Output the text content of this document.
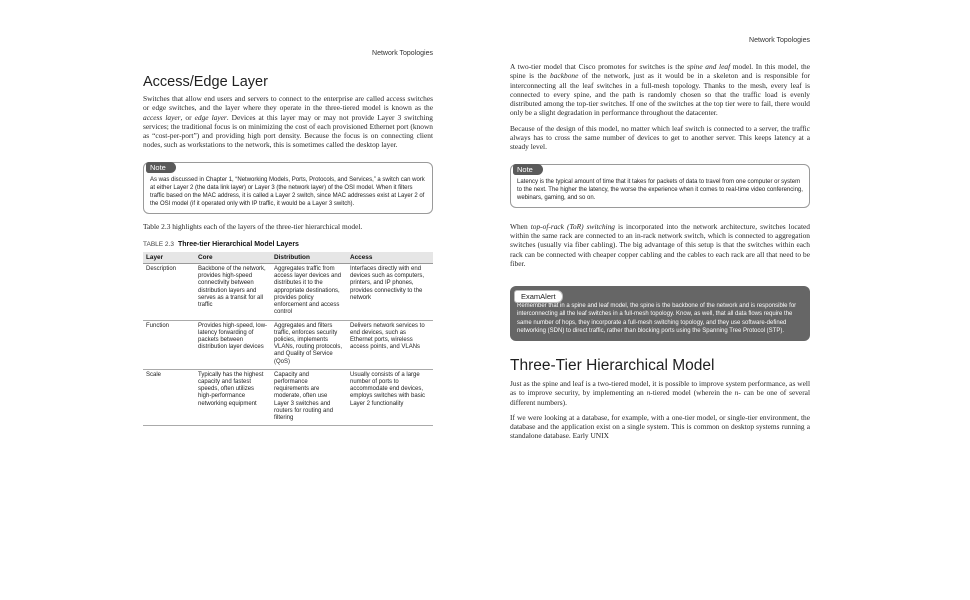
Network Topologies
Access/Edge Layer

Switches that allow end users and servers to connect to the enterprise are called access switches or edge switches, and the layer where they operate in the three-tiered model is known as the access layer, or edge layer. Devices at this layer may or may not provide Layer 3 switching services; the traditional focus is on minimizing the cost of each provisioned Ethernet port (known as “cost-per-port”) and providing high port density. Because the focus is on connecting client nodes, such as workstations to the network, this is sometimes called the desktop layer.

Note
As was discussed in Chapter 1, “Networking Models, Ports, Protocols, and Services,” a switch can work at either Layer 2 (the data link layer) or Layer 3 (the network layer) of the OSI model. When it filters traffic based on the MAC address, it is called a Layer 2 switch, since MAC addresses exist at Layer 2 of the OSI model (if it operated only with IP traffic, it would be a Layer 3 switch).

Table 2.3 highlights each of the layers of the three-tier hierarchical model.

TABLE 2.3 Three-tier Hierarchical Model Layers
Layer	Core	Distribution	Access
Description	Backbone of the network, provides high-speed connectivity between distribution layers and serves as a transit for all traffic	Aggregates traffic from access layer devices and distributes it to the appropriate destinations, provides policy enforcement and access control	Interfaces directly with end devices such as computers, printers, and IP phones, provides connectivity to the network
Function	Provides high-speed, low-latency forwarding of packets between distribution layer devices	Aggregates and filters traffic, enforces security policies, implements VLANs, routing protocols, and Quality of Service (QoS)	Delivers network services to end devices, such as Ethernet ports, wireless access points, and VLANs
Scale	Typically has the highest capacity and fastest speeds, often utilizes high-performance networking equipment	Capacity and performance requirements are moderate, often use Layer 3 switches and routers for routing and filtering	Usually consists of a large number of ports to accommodate end devices, employs switches with basic Layer 2 functionality
Network Topologies

A two-tier model that Cisco promotes for switches is the spine and leaf model. In this model, the spine is the backbone of the network, just as it would be in a skeleton and is responsible for interconnecting all the leaf switches in a full-mesh topology. Thanks to the mesh, every leaf is connected to every spine, and the path is randomly chosen so that the traffic load is evenly distributed among the top-tier switches. If one of the switches at the top tier were to fail, there would only be a slight degradation in performance throughout the datacenter.

Because of the design of this model, no matter which leaf switch is connected to a server, the traffic always has to cross the same number of devices to get to another server. This keeps latency at a steady level.

Note
Latency is the typical amount of time that it takes for packets of data to travel from one computer or system to the next. The higher the latency, the worse the experience when it comes to real-time video conferencing, webinars, gaming, and so on.

When top-of-rack (ToR) switching is incorporated into the network architecture, switches located within the same rack are connected to an in-rack network switch, which is connected to aggregation switches (usually via fiber cabling). The big advantage of this setup is that the switches within each rack can be connected with cheaper copper cabling and the cables to each rack are all that need to be fiber.

ExamAlert
Remember that in a spine and leaf model, the spine is the backbone of the network and is responsible for interconnecting all the leaf switches in a full-mesh topology. Know, as well, that all data flows require the same number of hops, they incorporate a full-mesh switching topology, and they use software-defined networking (SDN) to direct traffic, rather than blocking ports using the Spanning Tree Protocol (STP).
Three-Tier Hierarchical Model

Just as the spine and leaf is a two-tiered model, it is possible to improve system performance, as well as to improve security, by implementing an n-tiered model (wherein the n- can be one of several different numbers).

If we were looking at a database, for example, with a one-tier model, or single-tier environment, the database and the application exist on a single system. This is common on desktop systems running a standalone database. Early UNIX
